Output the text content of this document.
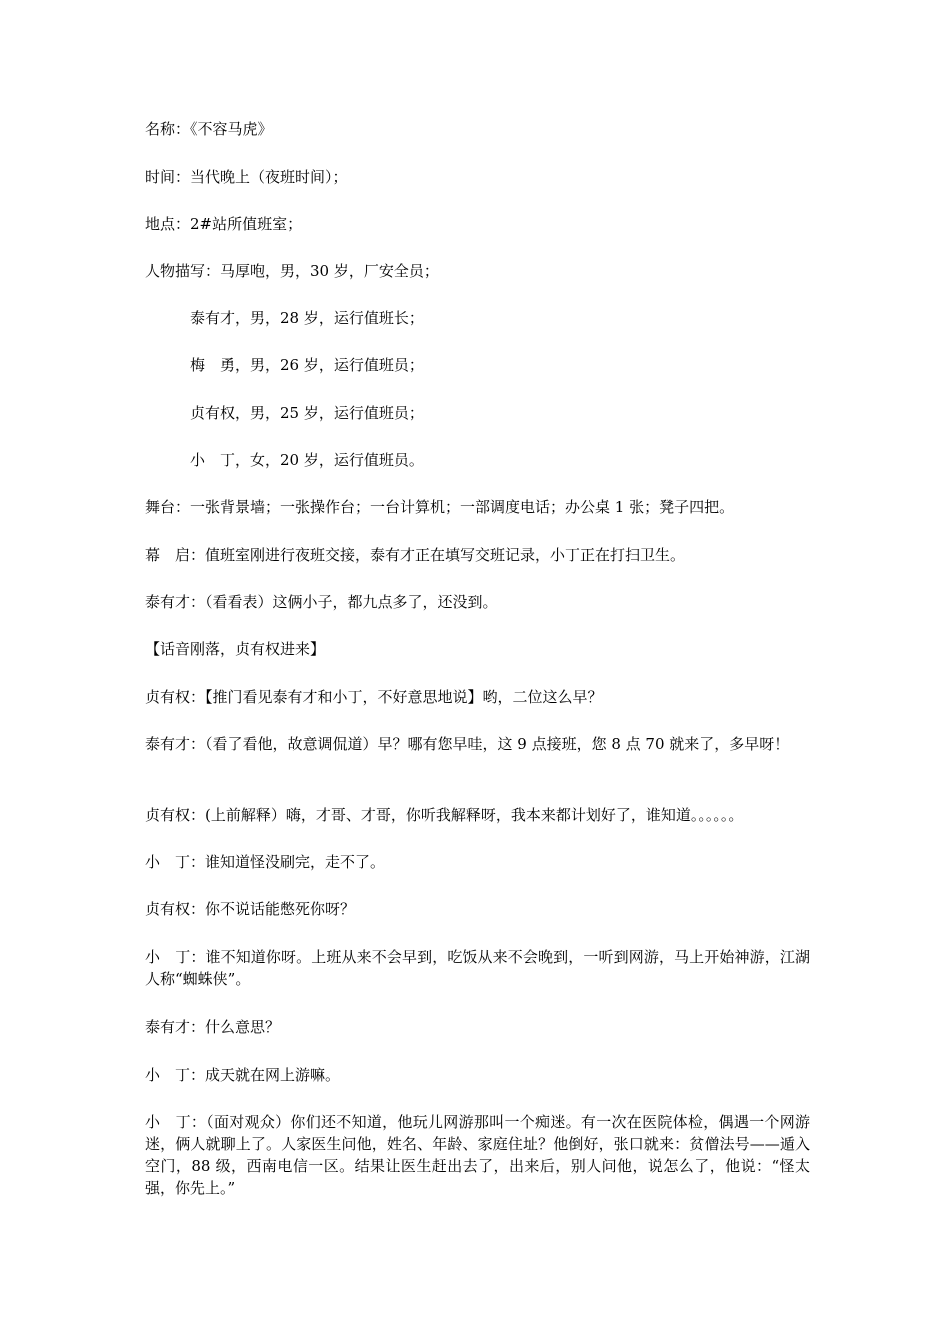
名称：《不容马虎》
时间：当代晚上（夜班时间）；
地点：2#站所值班室；
人物描写：马厚咆，男，30 岁，厂安全员；
泰有才，男，28 岁，运行值班长；
梅　勇，男，26 岁，运行值班员；
贞有权，男，25 岁，运行值班员；
小　丁，女，20 岁，运行值班员。
舞台：一张背景墙；一张操作台；一台计算机；一部调度电话；办公桌 1 张；凳子四把。
幕　启：值班室刚进行夜班交接，泰有才正在填写交班记录，小丁正在打扫卫生。
泰有才：（看看表）这俩小子，都九点多了，还没到。
【话音刚落，贞有权进来】
贞有权：【推门看见泰有才和小丁，不好意思地说】哟，二位这么早？
泰有才：（看了看他，故意调侃道）早？哪有您早哇，这 9 点接班，您 8 点 70 就来了，多早呀！
贞有权：(上前解释）嗨，才哥、才哥，你听我解释呀，我本来都计划好了，谁知道。。。。。。
小　丁：谁知道怪没刷完，走不了。
贞有权：你不说话能憋死你呀？
小　丁：谁不知道你呀。上班从来不会早到，吃饭从来不会晚到，一听到网游，马上开始神游，江湖人称“蜘蛛侠”。
泰有才：什么意思？
小　丁：成天就在网上游嘛。
小　丁：（面对观众）你们还不知道，他玩儿网游那叫一个痴迷。有一次在医院体检，偶遇一个网游迷，俩人就聊上了。人家医生问他，姓名、年龄、家庭住址？他倒好，张口就来：贫僧法号——遁入空门，88 级，西南电信一区。结果让医生赶出去了，出来后，别人问他，说怎么了，他说：“怪太强，你先上。”
